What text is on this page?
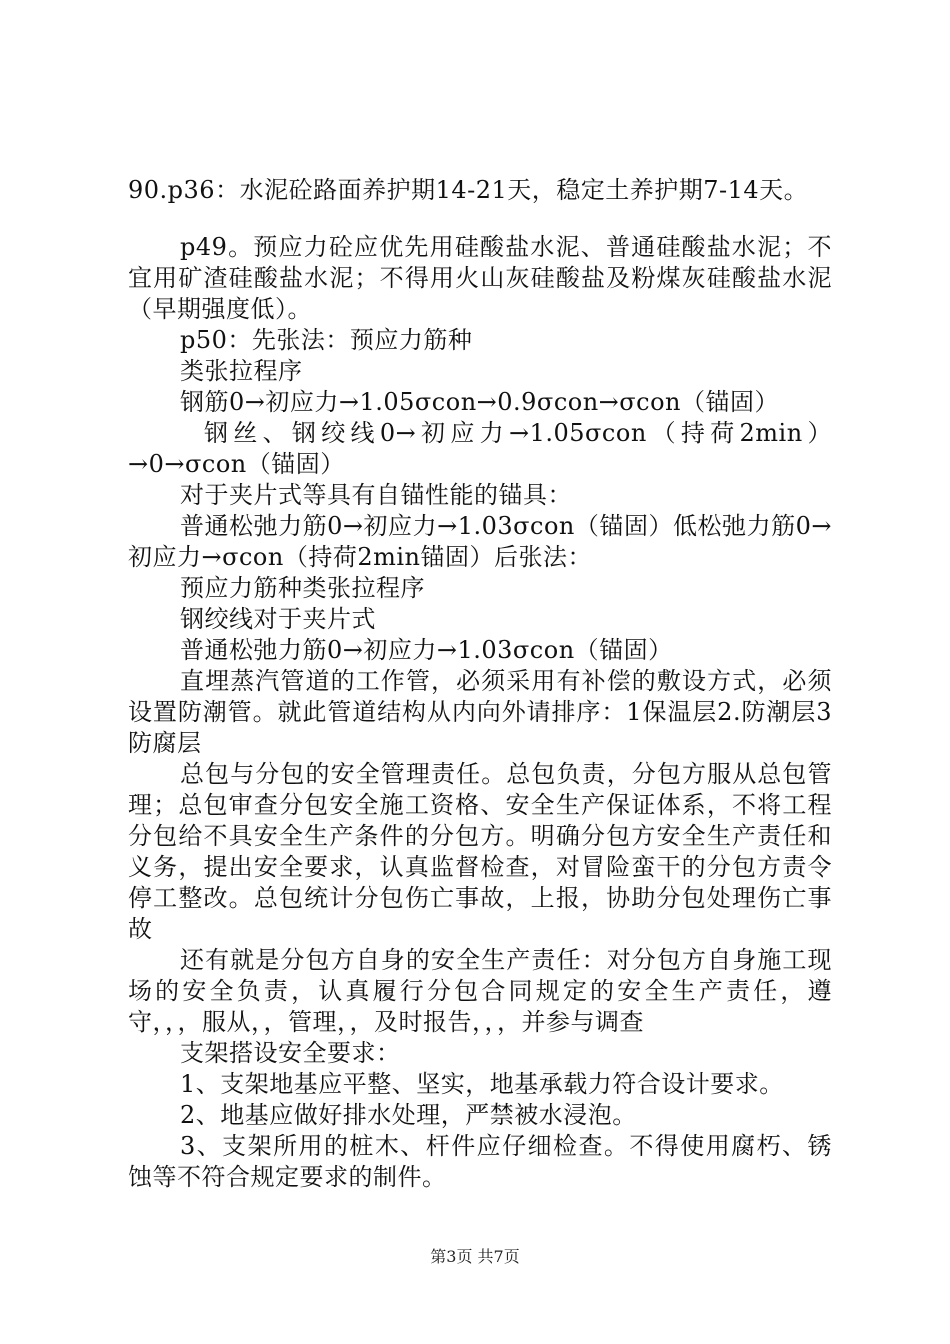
90.p36：水泥砼路面养护期14-21天，稳定土养护期7-14天。

p49。预应力砼应优先用硅酸盐水泥、普通硅酸盐水泥；不宜用矿渣硅酸盐水泥；不得用火山灰硅酸盐及粉煤灰硅酸盐水泥（早期强度低）。

p50：先张法：预应力筋种

类张拉程序

钢筋0→初应力→1.05σcon→0.9σcon→σcon（锚固）

钢丝、钢绞线0→初应力→1.05σcon（持荷2min）→0→σcon（锚固）

对于夹片式等具有自锚性能的锚具：

普通松弛力筋0→初应力→1.03σcon（锚固）低松弛力筋0→初应力→σcon（持荷2min锚固）后张法：

预应力筋种类张拉程序

钢绞线对于夹片式

普通松弛力筋0→初应力→1.03σcon（锚固）

直埋蒸汽管道的工作管，必须采用有补偿的敷设方式，必须设置防潮管。就此管道结构从内向外请排序：1保温层2.防潮层3防腐层

总包与分包的安全管理责任。总包负责，分包方服从总包管理；总包审查分包安全施工资格、安全生产保证体系，不将工程分包给不具安全生产条件的分包方。明确分包方安全生产责任和义务，提出安全要求，认真监督检查，对冒险蛮干的分包方责令停工整改。总包统计分包伤亡事故，上报，协助分包处理伤亡事故

还有就是分包方自身的安全生产责任：对分包方自身施工现场的安全负责，认真履行分包合同规定的安全生产责任，遵守，，，服从，，管理，，及时报告，，，并参与调查

支架搭设安全要求：

1、支架地基应平整、坚实，地基承载力符合设计要求。

2、地基应做好排水处理，严禁被水浸泡。

3、支架所用的桩木、杆件应仔细检查。不得使用腐朽、锈蚀等不符合规定要求的制件。

第3页 共7页
